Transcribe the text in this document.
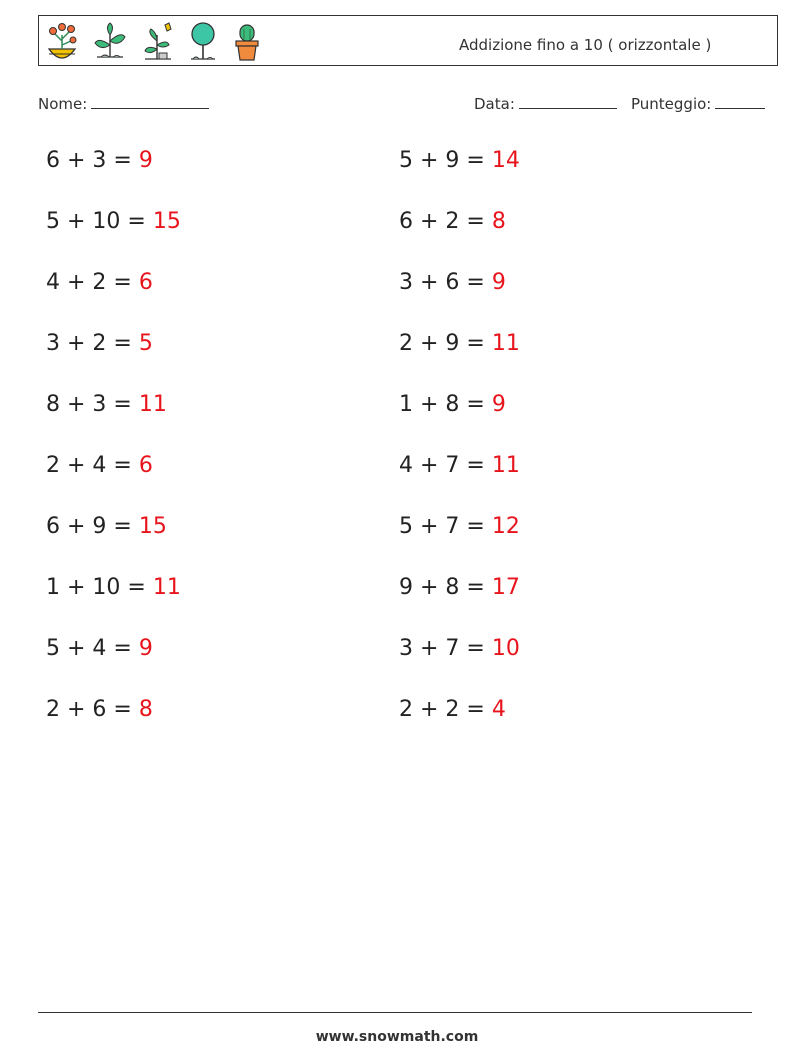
Addizione fino a 10 ( orizzontale )
Nome:	Data:	Punteggio:
6 + 3 = 9
5 + 10 = 15
4 + 2 = 6
3 + 2 = 5
8 + 3 = 11
2 + 4 = 6
6 + 9 = 15
1 + 10 = 11
5 + 4 = 9
2 + 6 = 8
5 + 9 = 14
6 + 2 = 8
3 + 6 = 9
2 + 9 = 11
1 + 8 = 9
4 + 7 = 11
5 + 7 = 12
9 + 8 = 17
3 + 7 = 10
2 + 2 = 4
www.snowmath.com
